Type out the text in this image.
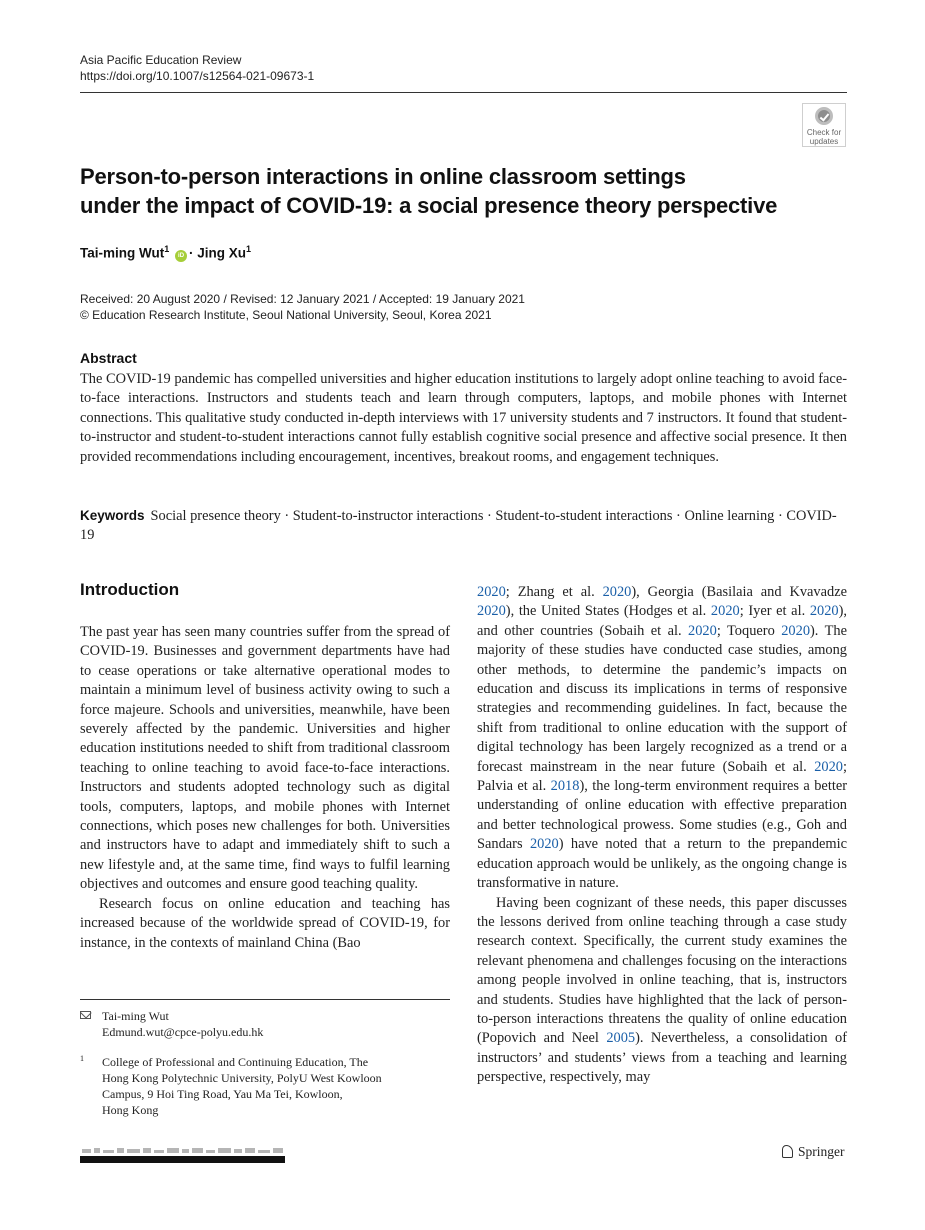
Asia Pacific Education Review
https://doi.org/10.1007/s12564-021-09673-1
Check for
updates
Person-to-person interactions in online classroom settings
under the impact of COVID-19: a social presence theory perspective
Tai-ming Wut$^1$ iD · Jing Xu$^1$
Received: 20 August 2020 / Revised: 12 January 2021 / Accepted: 19 January 2021
© Education Research Institute, Seoul National University, Seoul, Korea 2021
Abstract

The COVID-19 pandemic has compelled universities and higher education institutions to largely adopt online teaching to avoid face-to-face interactions. Instructors and students teach and learn through computers, laptops, and mobile phones with Internet connections. This qualitative study conducted in-depth interviews with 17 university students and 7 instructors. It found that student-to-instructor and student-to-student interactions cannot fully establish cognitive social presence and affective social presence. It then provided recommendations including encouragement, incentives, breakout rooms, and engagement techniques.

Keywords Social presence theory · Student-to-instructor interactions · Student-to-student interactions · Online learning · COVID-19

Introduction

The past year has seen many countries suffer from the spread of COVID-19. Businesses and government departments have had to cease operations or take alternative operational modes to maintain a minimum level of business activity owing to such a force majeure. Schools and universities, meanwhile, have been severely affected by the pandemic. Universities and higher education institutions needed to shift from traditional classroom teaching to online teaching to avoid face-to-face interactions. Instructors and students adopted technology such as digital tools, computers, laptops, and mobile phones with Internet connections, which poses new challenges for both. Universities and instructors have to adapt and immediately shift to such a new lifestyle and, at the same time, find ways to fulfil learning objectives and outcomes and ensure good teaching quality.

Research focus on online education and teaching has increased because of the worldwide spread of COVID-19, for instance, in the contexts of mainland China (Bao

2020; Zhang et al. 2020), Georgia (Basilaia and Kvavadze 2020), the United States (Hodges et al. 2020; Iyer et al. 2020), and other countries (Sobaih et al. 2020; Toquero 2020). The majority of these studies have conducted case studies, among other methods, to determine the pandemic’s impacts on education and discuss its implications in terms of responsive strategies and recommending guidelines. In fact, because the shift from traditional to online education with the support of digital technology has been largely recognized as a trend or a forecast mainstream in the near future (Sobaih et al. 2020; Palvia et al. 2018), the long-term environment requires a better understanding of online education with effective preparation and better technological prowess. Some studies (e.g., Goh and Sandars 2020) have noted that a return to the prepandemic education approach would be unlikely, as the ongoing change is transformative in nature.

Having been cognizant of these needs, this paper discusses the lessons derived from online teaching through a case study research context. Specifically, the current study examines the relevant phenomena and challenges focusing on the interactions among people involved in online teaching, that is, instructors and students. Studies have highlighted that the lack of person-to-person interactions threatens the quality of online education (Popovich and Neel 2005). Nevertheless, a consolidation of instructors’ and students’ views from a teaching and learning perspective, respectively, may

Tai-ming Wut
Edmund.wut@cpce-polyu.edu.hk
1 College of Professional and Continuing Education, The
Hong Kong Polytechnic University, PolyU West Kowloon
Campus, 9 Hoi Ting Road, Yau Ma Tei, Kowloon,
Hong Kong
Springer
